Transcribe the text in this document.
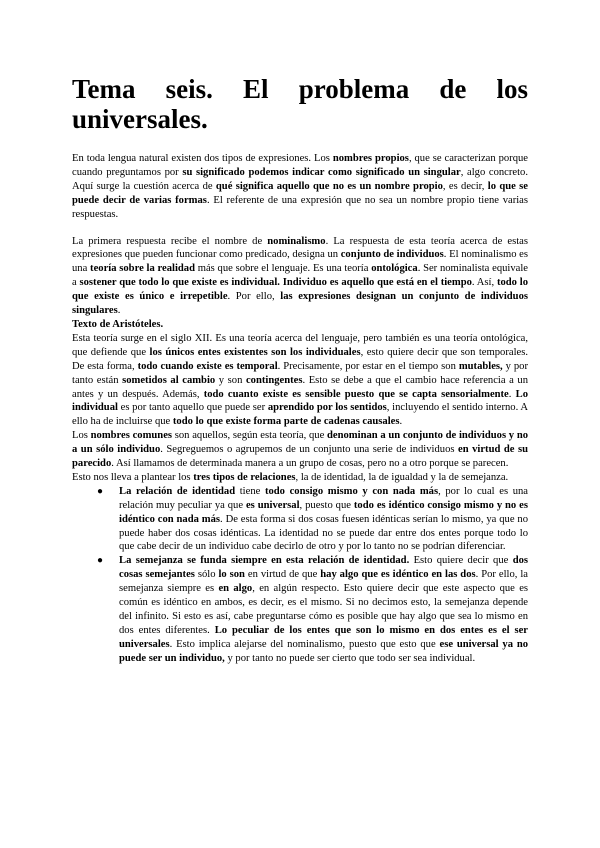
Tema seis. El problema de los universales.

En toda lengua natural existen dos tipos de expresiones. Los nombres propios, que se caracterizan porque cuando preguntamos por su significado podemos indicar como significado un singular, algo concreto. Aquí surge la cuestión acerca de qué significa aquello que no es un nombre propio, es decir, lo que se puede decir de varias formas. El referente de una expresión que no sea un nombre propio tiene varias respuestas.

La primera respuesta recibe el nombre de nominalismo. La respuesta de esta teoría acerca de estas expresiones que pueden funcionar como predicado, designa un conjunto de individuos. El nominalismo es una teoría sobre la realidad más que sobre el lenguaje. Es una teoría ontológica. Ser nominalista equivale a sostener que todo lo que existe es individual. Individuo es aquello que está en el tiempo. Así, todo lo que existe es único e irrepetible. Por ello, las expresiones designan un conjunto de individuos singulares.

Texto de Aristóteles.

Esta teoría surge en el siglo XII. Es una teoría acerca del lenguaje, pero también es una teoría ontológica, que defiende que los únicos entes existentes son los individuales, esto quiere decir que son temporales. De esta forma, todo cuando existe es temporal. Precisamente, por estar en el tiempo son mutables, y por tanto están sometidos al cambio y son contingentes. Esto se debe a que el cambio hace referencia a un antes y un después. Además, todo cuanto existe es sensible puesto que se capta sensorialmente. Lo individual es por tanto aquello que puede ser aprendido por los sentidos, incluyendo el sentido interno. A ello ha de incluirse que todo lo que existe forma parte de cadenas causales.

Los nombres comunes son aquellos, según esta teoría, que denominan a un conjunto de individuos y no a un sólo individuo. Segreguemos o agrupemos de un conjunto una serie de individuos en virtud de su parecido. Así llamamos de determinada manera a un grupo de cosas, pero no a otro porque se parecen.

Esto nos lleva a plantear los tres tipos de relaciones, la de identidad, la de igualdad y la de semejanza.

● La relación de identidad tiene todo consigo mismo y con nada más, por lo cual es una relación muy peculiar ya que es universal, puesto que todo es idéntico consigo mismo y no es idéntico con nada más. De esta forma si dos cosas fuesen idénticas serían lo mismo, ya que no puede haber dos cosas idénticas. La identidad no se puede dar entre dos entes porque todo lo que cabe decir de un individuo cabe decirlo de otro y por lo tanto no se podrían diferenciar.
● La semejanza se funda siempre en esta relación de identidad. Esto quiere decir que dos cosas semejantes sólo lo son en virtud de que hay algo que es idéntico en las dos. Por ello, la semejanza siempre es en algo, en algún respecto. Esto quiere decir que este aspecto que es común es idéntico en ambos, es decir, es el mismo. Si no decimos esto, la semejanza depende del infinito. Si esto es así, cabe preguntarse cómo es posible que hay algo que sea lo mismo en dos entes diferentes. Lo peculiar de los entes que son lo mismo en dos entes es el ser universales. Esto implica alejarse del nominalismo, puesto que esto que ese universal ya no puede ser un individuo, y por tanto no puede ser cierto que todo ser sea individual.
